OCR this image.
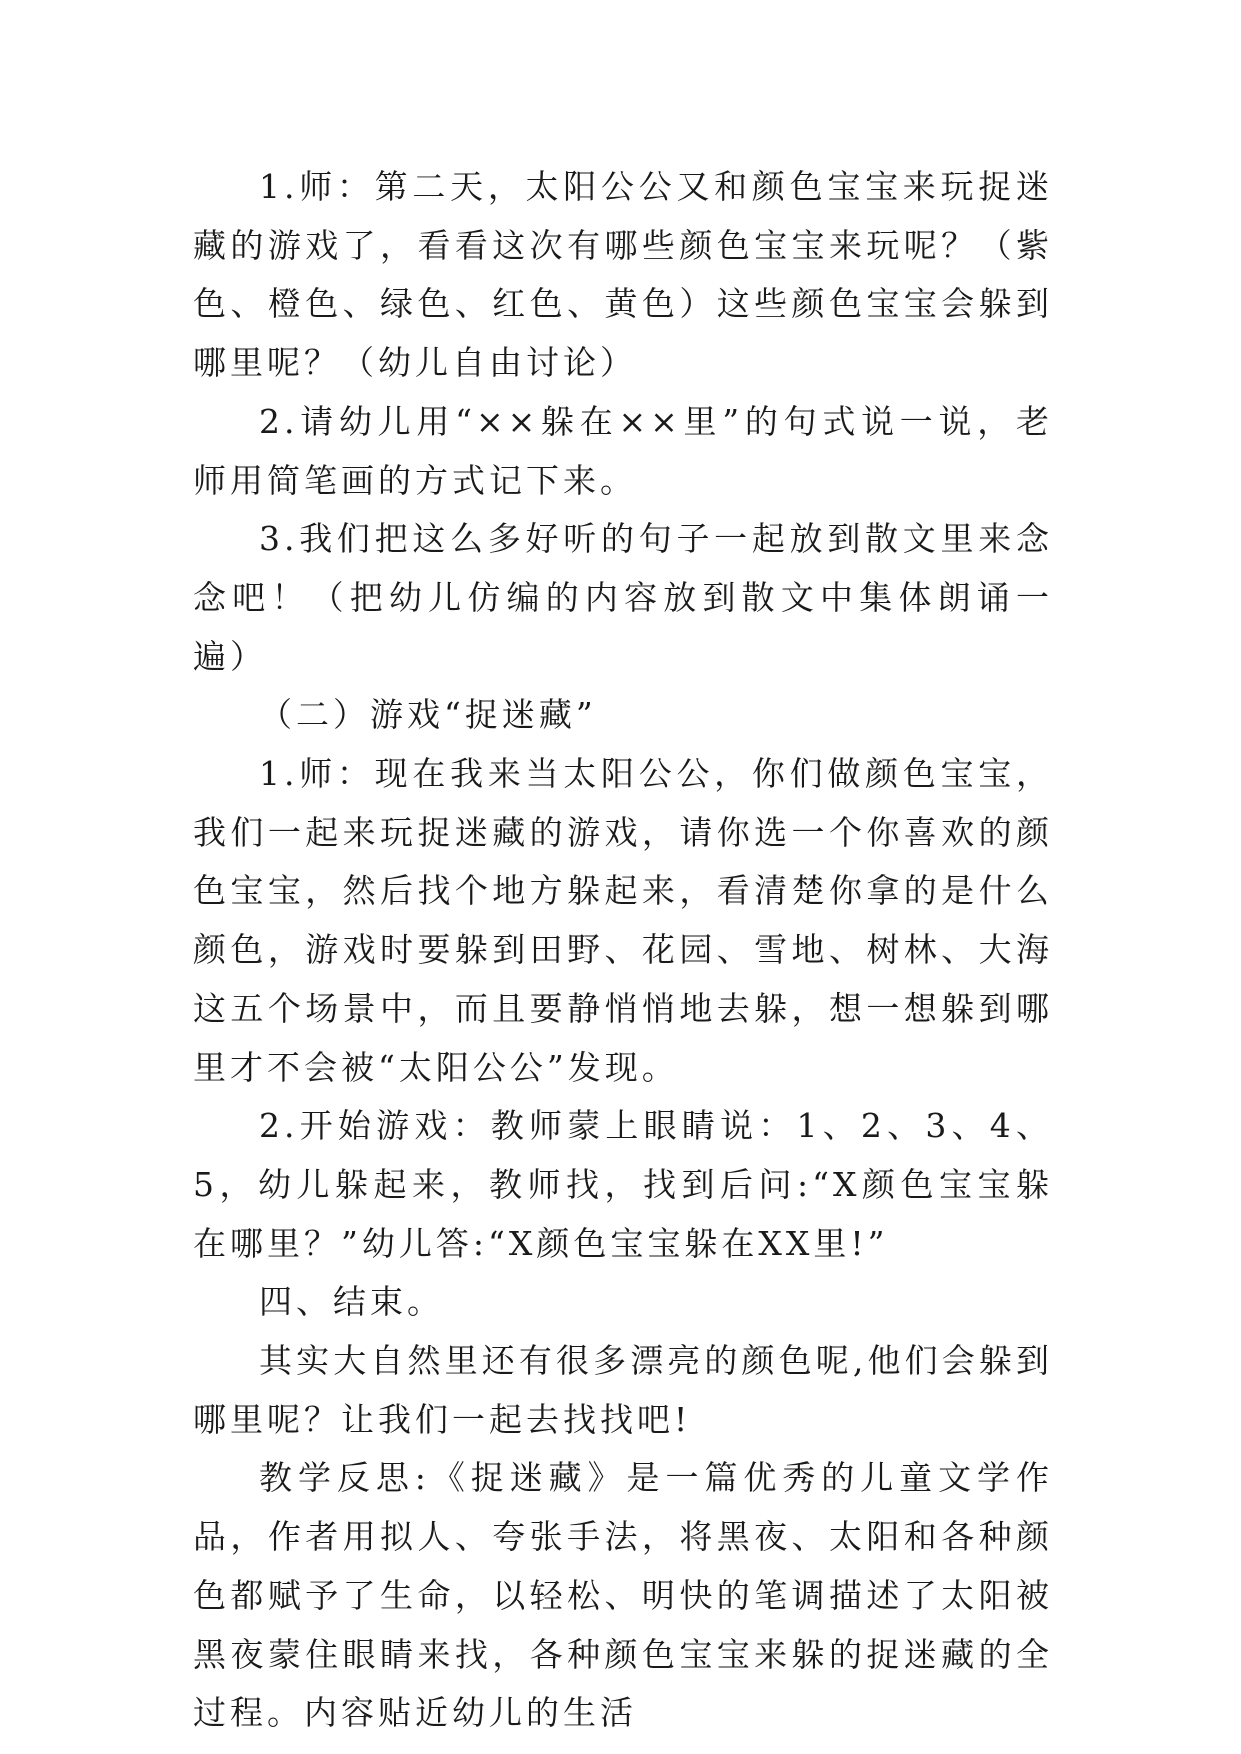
1.师：第二天，太阳公公又和颜色宝宝来玩捉迷藏的游戏了，看看这次有哪些颜色宝宝来玩呢？（紫色、橙色、绿色、红色、黄色）这些颜色宝宝会躲到哪里呢？（幼儿自由讨论）

2.请幼儿用“××躲在××里”的句式说一说，老师用简笔画的方式记下来。

3.我们把这么多好听的句子一起放到散文里来念念吧！（把幼儿仿编的内容放到散文中集体朗诵一遍）

（二）游戏“捉迷藏”

1.师：现在我来当太阳公公，你们做颜色宝宝，我们一起来玩捉迷藏的游戏，请你选一个你喜欢的颜色宝宝，然后找个地方躲起来，看清楚你拿的是什么颜色，游戏时要躲到田野、花园、雪地、树林、大海这五个场景中，而且要静悄悄地去躲，想一想躲到哪里才不会被“太阳公公”发现。

2.开始游戏：教师蒙上眼睛说：1、2、3、4、5，幼儿躲起来，教师找，找到后问:“X颜色宝宝躲在哪里？”幼儿答:“X颜色宝宝躲在XX里!”

四、结束。

其实大自然里还有很多漂亮的颜色呢,他们会躲到哪里呢？让我们一起去找找吧!

教学反思:《捉迷藏》是一篇优秀的儿童文学作品，作者用拟人、夸张手法，将黑夜、太阳和各种颜色都赋予了生命，以轻松、明快的笔调描述了太阳被黑夜蒙住眼睛来找，各种颜色宝宝来躲的捉迷藏的全过程。内容贴近幼儿的生活
